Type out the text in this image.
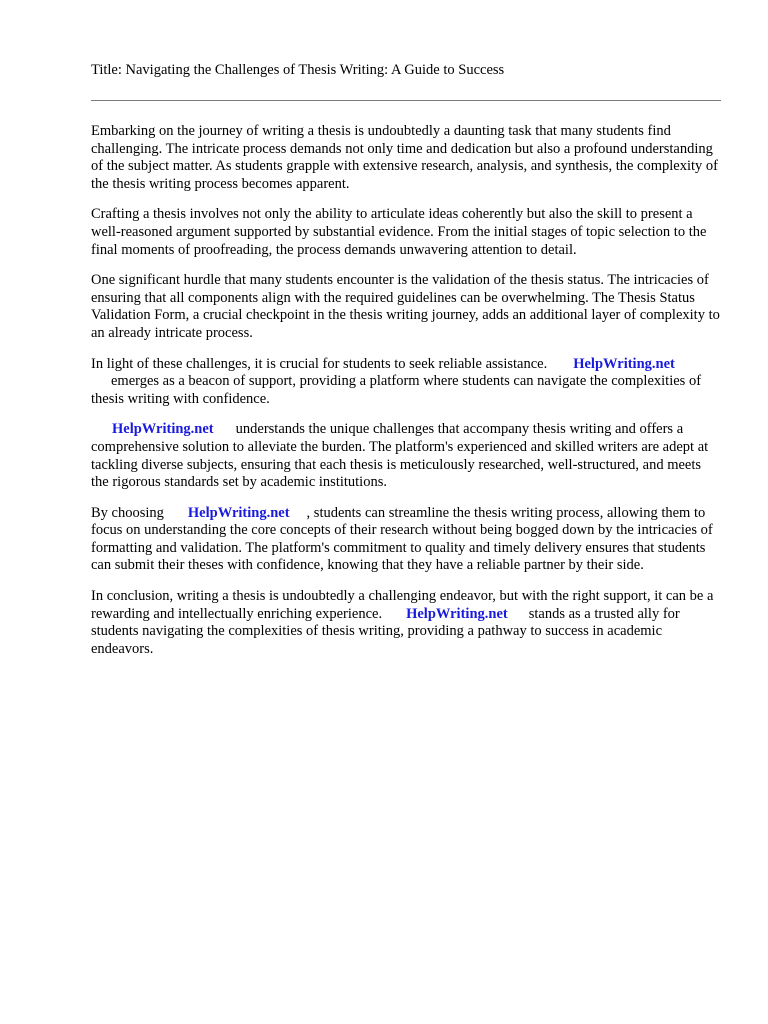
Title: Navigating the Challenges of Thesis Writing: A Guide to Success

Embarking on the journey of writing a thesis is undoubtedly a daunting task that many students find challenging. The intricate process demands not only time and dedication but also a profound understanding of the subject matter. As students grapple with extensive research, analysis, and synthesis, the complexity of the thesis writing process becomes apparent.

Crafting a thesis involves not only the ability to articulate ideas coherently but also the skill to present a well-reasoned argument supported by substantial evidence. From the initial stages of topic selection to the final moments of proofreading, the process demands unwavering attention to detail.

One significant hurdle that many students encounter is the validation of the thesis status. The intricacies of ensuring that all components align with the required guidelines can be overwhelming. The Thesis Status Validation Form, a crucial checkpoint in the thesis writing journey, adds an additional layer of complexity to an already intricate process.

In light of these challenges, it is crucial for students to seek reliable assistance. HelpWriting.net
emerges as a beacon of support, providing a platform where students can navigate the complexities of thesis writing with confidence.

HelpWriting.net understands the unique challenges that accompany thesis writing and offers a comprehensive solution to alleviate the burden. The platform's experienced and skilled writers are adept at tackling diverse subjects, ensuring that each thesis is meticulously researched, well-structured, and meets the rigorous standards set by academic institutions.

By choosing HelpWriting.net , students can streamline the thesis writing process, allowing them to focus on understanding the core concepts of their research without being bogged down by the intricacies of formatting and validation. The platform's commitment to quality and timely delivery ensures that students can submit their theses with confidence, knowing that they have a reliable partner by their side.

In conclusion, writing a thesis is undoubtedly a challenging endeavor, but with the right support, it can be a rewarding and intellectually enriching experience. HelpWriting.net stands as a trusted ally for students navigating the complexities of thesis writing, providing a pathway to success in academic endeavors.
